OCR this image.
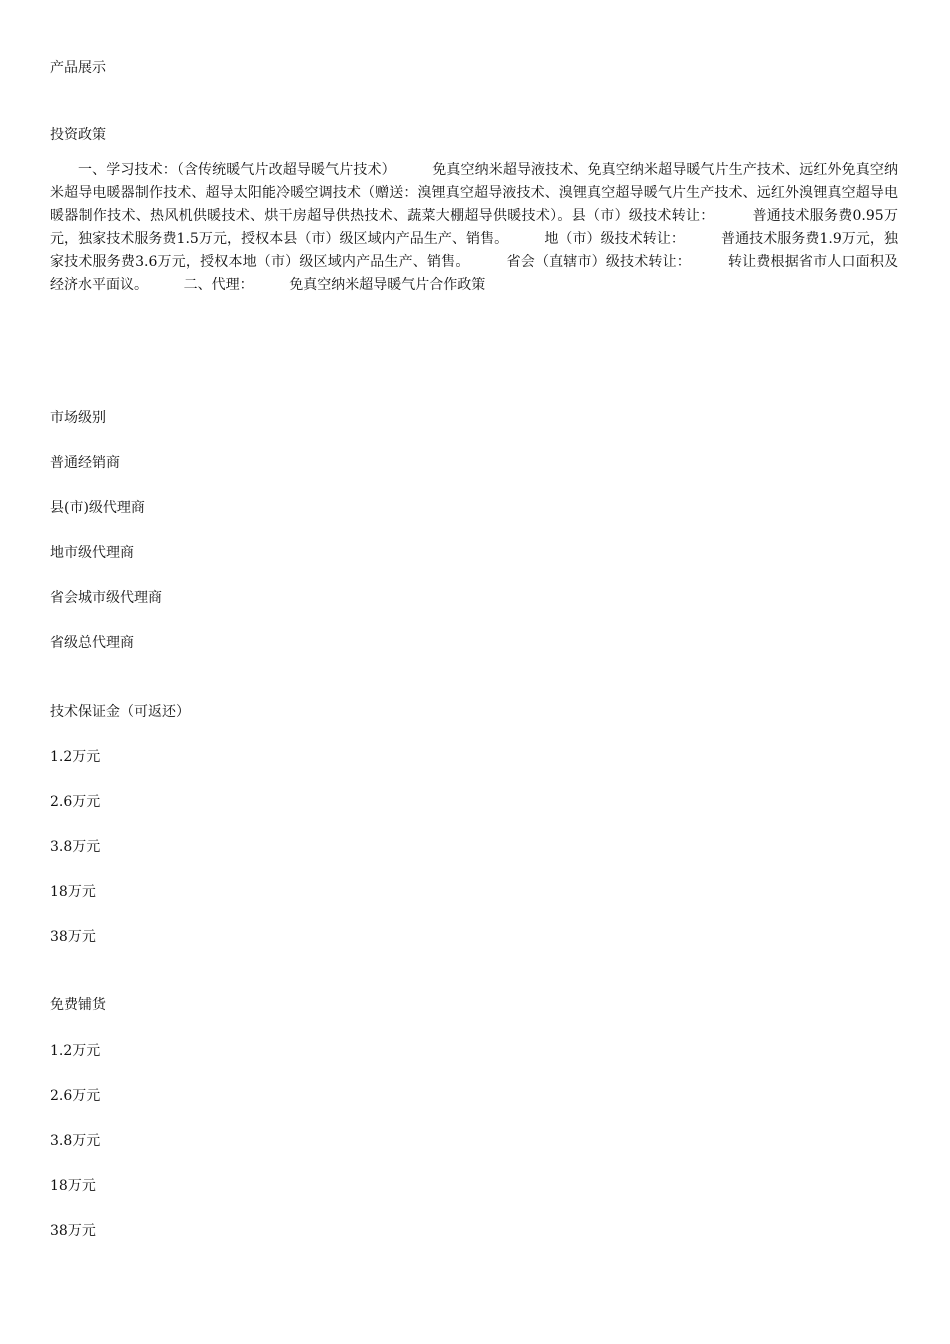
产品展示

投资政策

一、学习技术：（含传统暖气片改超导暖气片技术）        免真空纳米超导液技术、免真空纳米超导暖气片生产技术、远红外免真空纳米超导电暖器制作技术、超导太阳能冷暖空调技术（赠送：溴锂真空超导液技术、溴锂真空超导暖气片生产技术、远红外溴锂真空超导电暖器制作技术、热风机供暖技术、烘干房超导供热技术、蔬菜大棚超导供暖技术）。县（市）级技术转让：        普通技术服务费0.95万元，独家技术服务费1.5万元，授权本县（市）级区域内产品生产、销售。        地（市）级技术转让：        普通技术服务费1.9万元，独家技术服务费3.6万元，授权本地（市）级区域内产品生产、销售。        省会（直辖市）级技术转让：        转让费根据省市人口面积及经济水平面议。        二、代理：        免真空纳米超导暖气片合作政策

市场级别

普通经销商

县(市)级代理商

地市级代理商

省会城市级代理商

省级总代理商

技术保证金（可返还）

1.2万元

2.6万元

3.8万元

18万元

38万元

免费铺货

1.2万元

2.6万元

3.8万元

18万元

38万元
